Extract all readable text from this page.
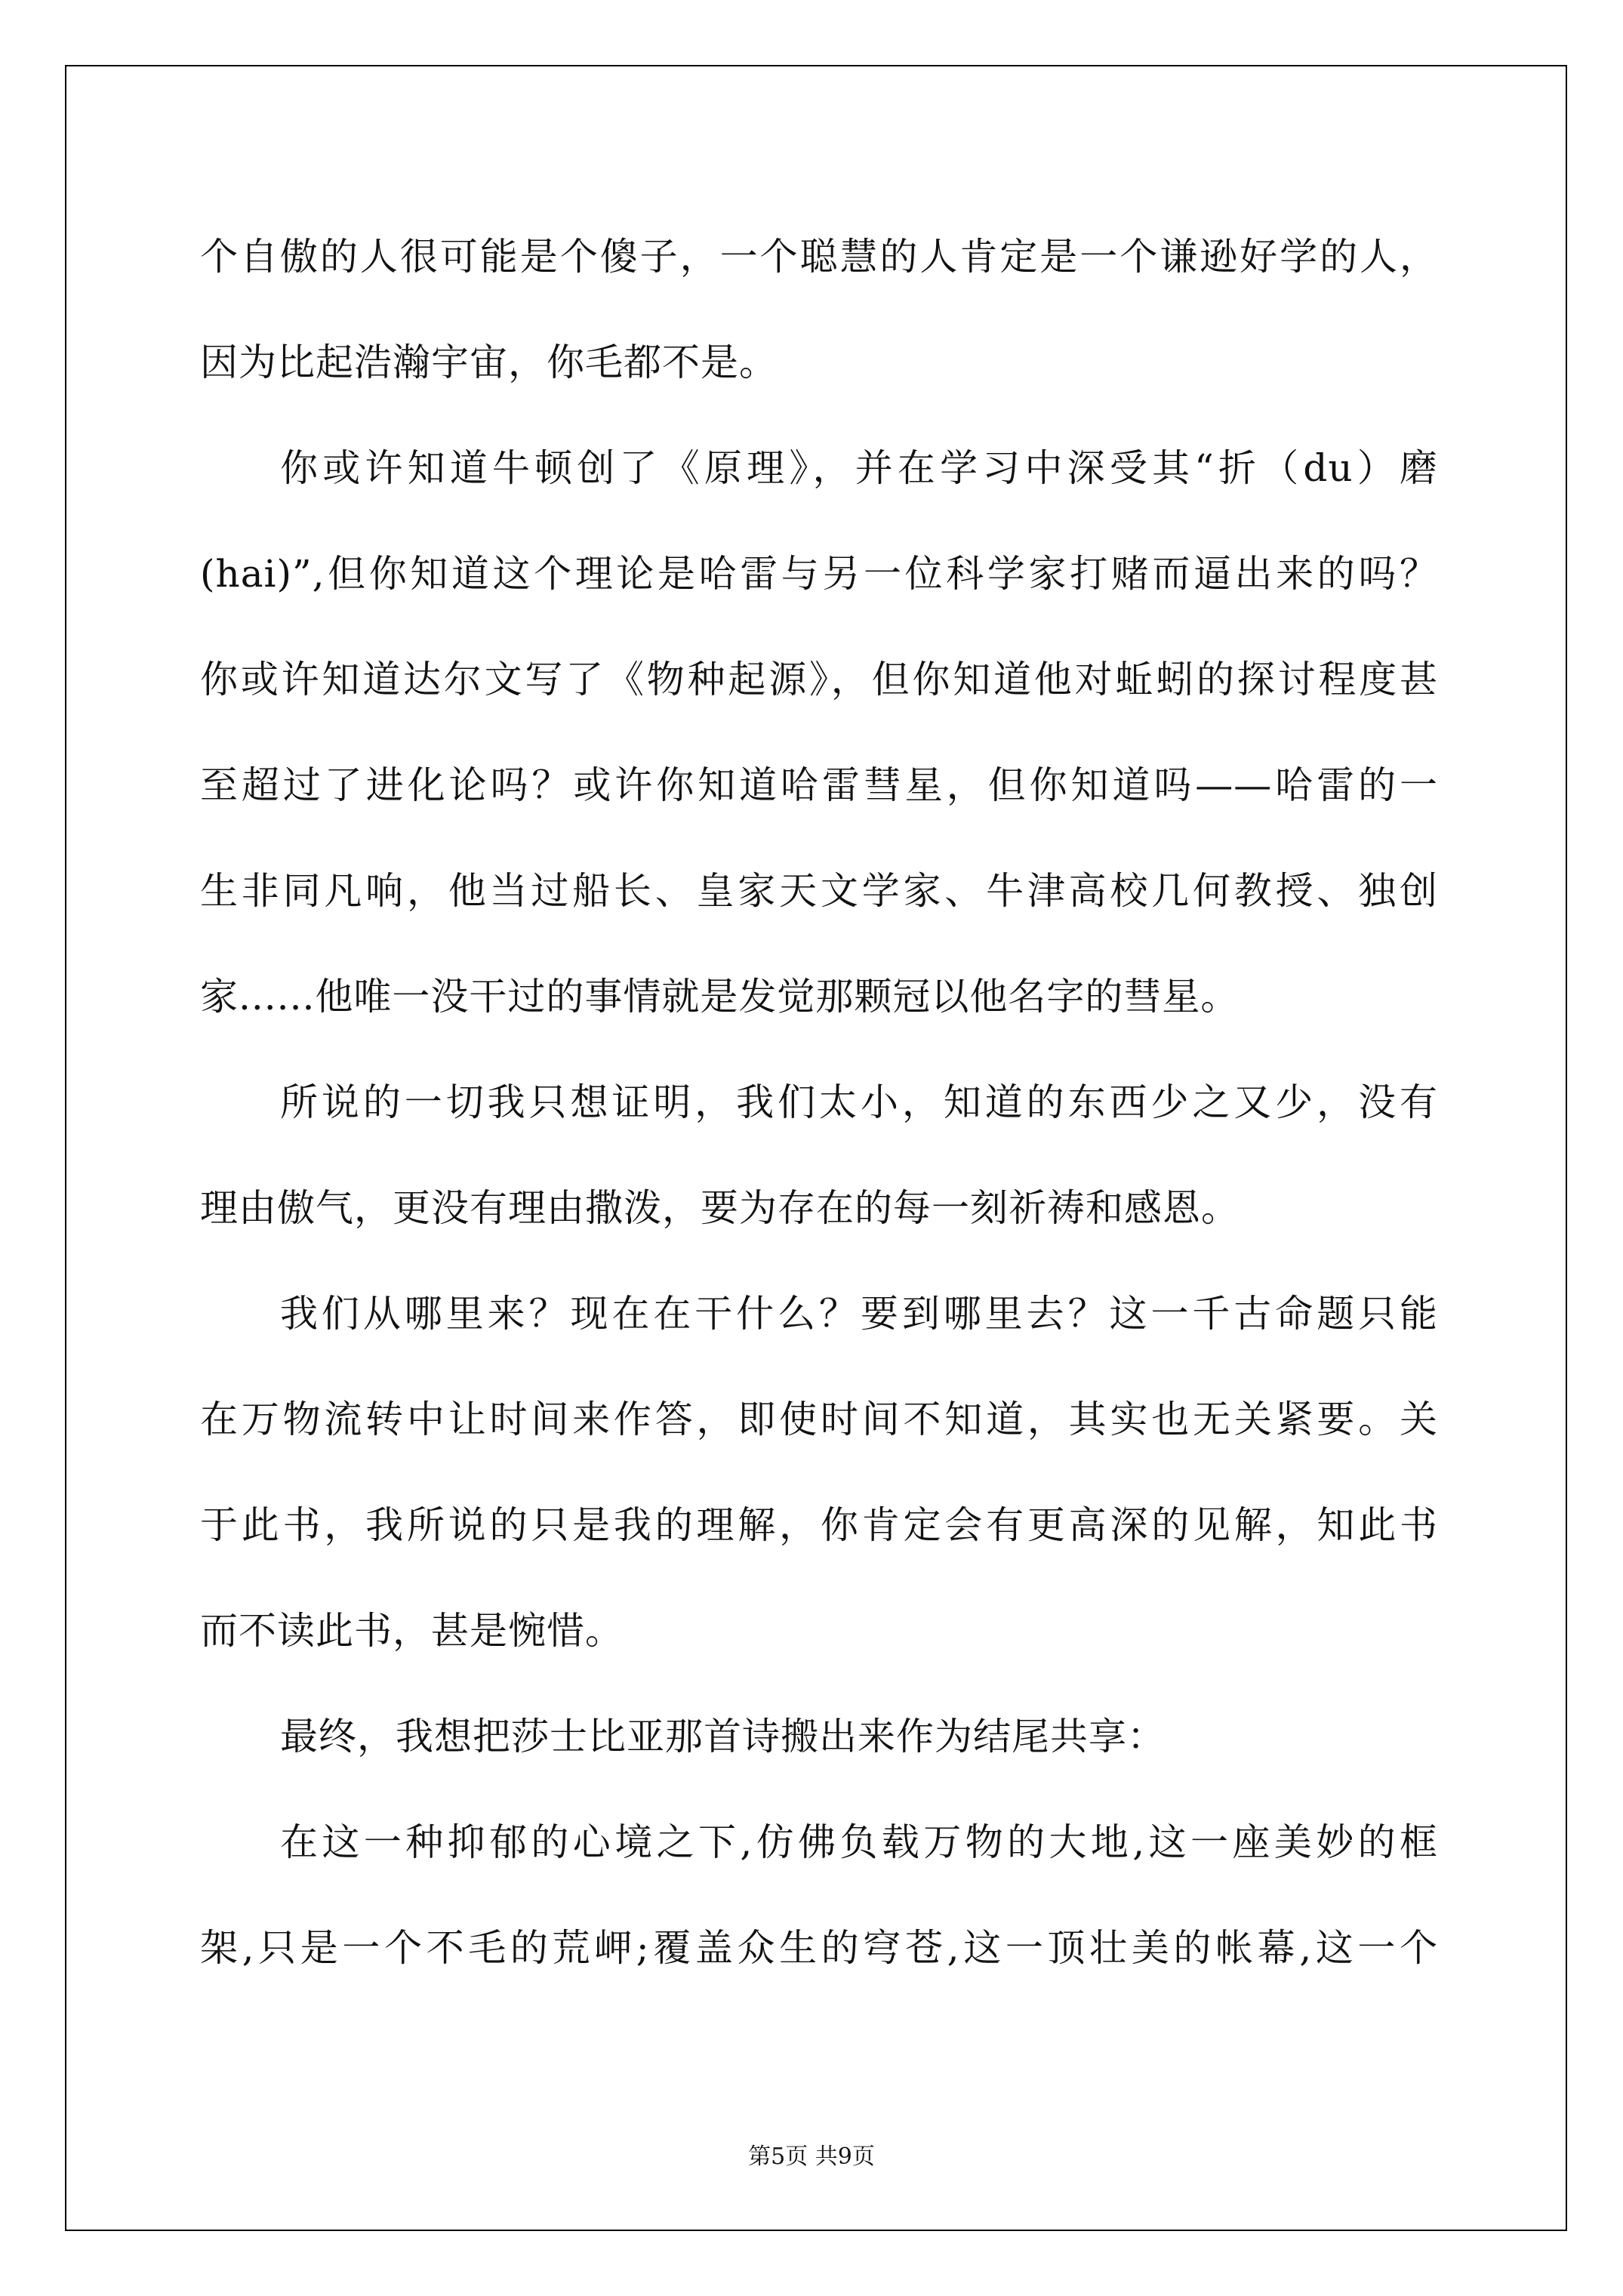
个自傲的人很可能是个傻子，一个聪慧的人肯定是一个谦逊好学的人，
因为比起浩瀚宇宙，你毛都不是。
你或许知道牛顿创了《原理》，并在学习中深受其“折（du）磨
(hai)”,但你知道这个理论是哈雷与另一位科学家打赌而逼出来的吗？
你或许知道达尔文写了《物种起源》，但你知道他对蚯蚓的探讨程度甚
至超过了进化论吗？或许你知道哈雷彗星，但你知道吗——哈雷的一
生非同凡响，他当过船长、皇家天文学家、牛津高校几何教授、独创
家......他唯一没干过的事情就是发觉那颗冠以他名字的彗星。
所说的一切我只想证明，我们太小，知道的东西少之又少，没有
理由傲气，更没有理由撒泼，要为存在的每一刻祈祷和感恩。
我们从哪里来？现在在干什么？要到哪里去？这一千古命题只能
在万物流转中让时间来作答，即使时间不知道，其实也无关紧要。关
于此书，我所说的只是我的理解，你肯定会有更高深的见解，知此书
而不读此书，甚是惋惜。
最终，我想把莎士比亚那首诗搬出来作为结尾共享：
在这一种抑郁的心境之下,仿佛负载万物的大地,这一座美妙的框
架,只是一个不毛的荒岬;覆盖众生的穹苍,这一顶壮美的帐幕,这一个
第5页 共9页
